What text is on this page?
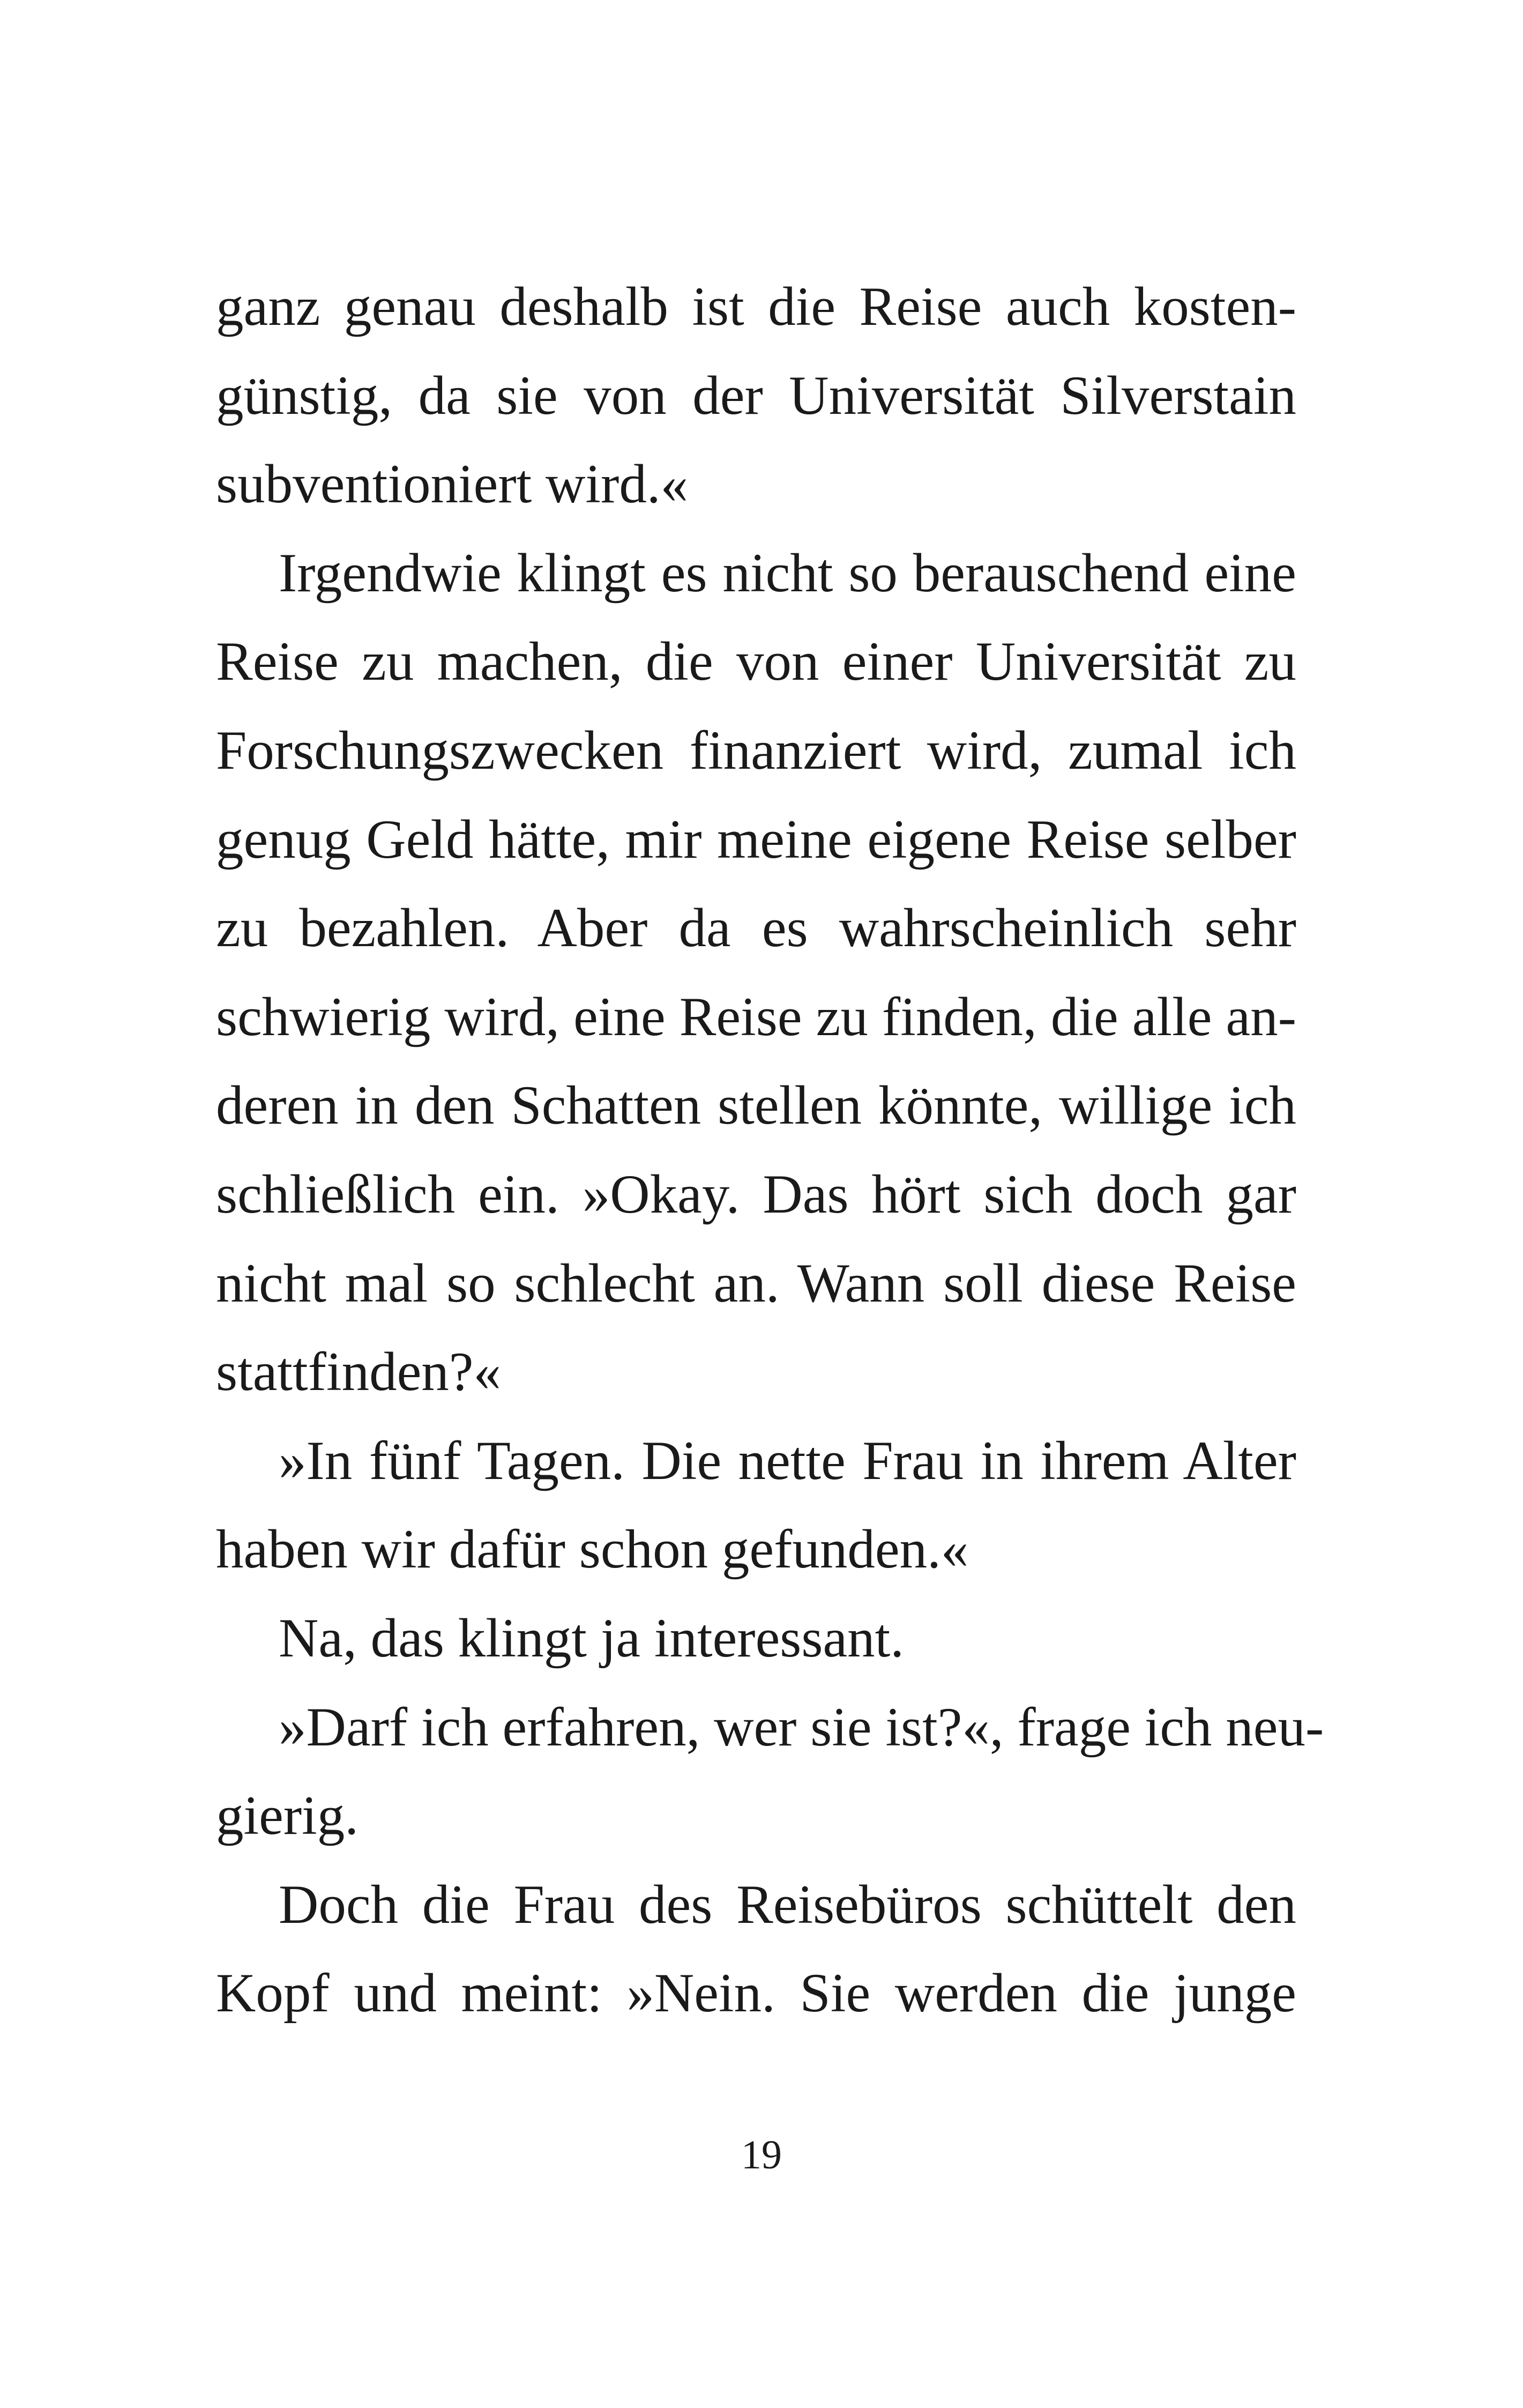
ganz genau deshalb ist die Reise auch kosten-
günstig, da sie von der Universität Silverstain
subventioniert wird.«
Irgendwie klingt es nicht so berauschend eine
Reise zu machen, die von einer Universität zu
Forschungszwecken finanziert wird, zumal ich
genug Geld hätte, mir meine eigene Reise selber
zu bezahlen. Aber da es wahrscheinlich sehr
schwierig wird, eine Reise zu finden, die alle an-
deren in den Schatten stellen könnte, willige ich
schließlich ein. »Okay. Das hört sich doch gar
nicht mal so schlecht an. Wann soll diese Reise
stattfinden?«
»In fünf Tagen. Die nette Frau in ihrem Alter
haben wir dafür schon gefunden.«
Na, das klingt ja interessant.
»Darf ich erfahren, wer sie ist?«, frage ich neu-
gierig.
Doch die Frau des Reisebüros schüttelt den
Kopf und meint: »Nein. Sie werden die junge
19
